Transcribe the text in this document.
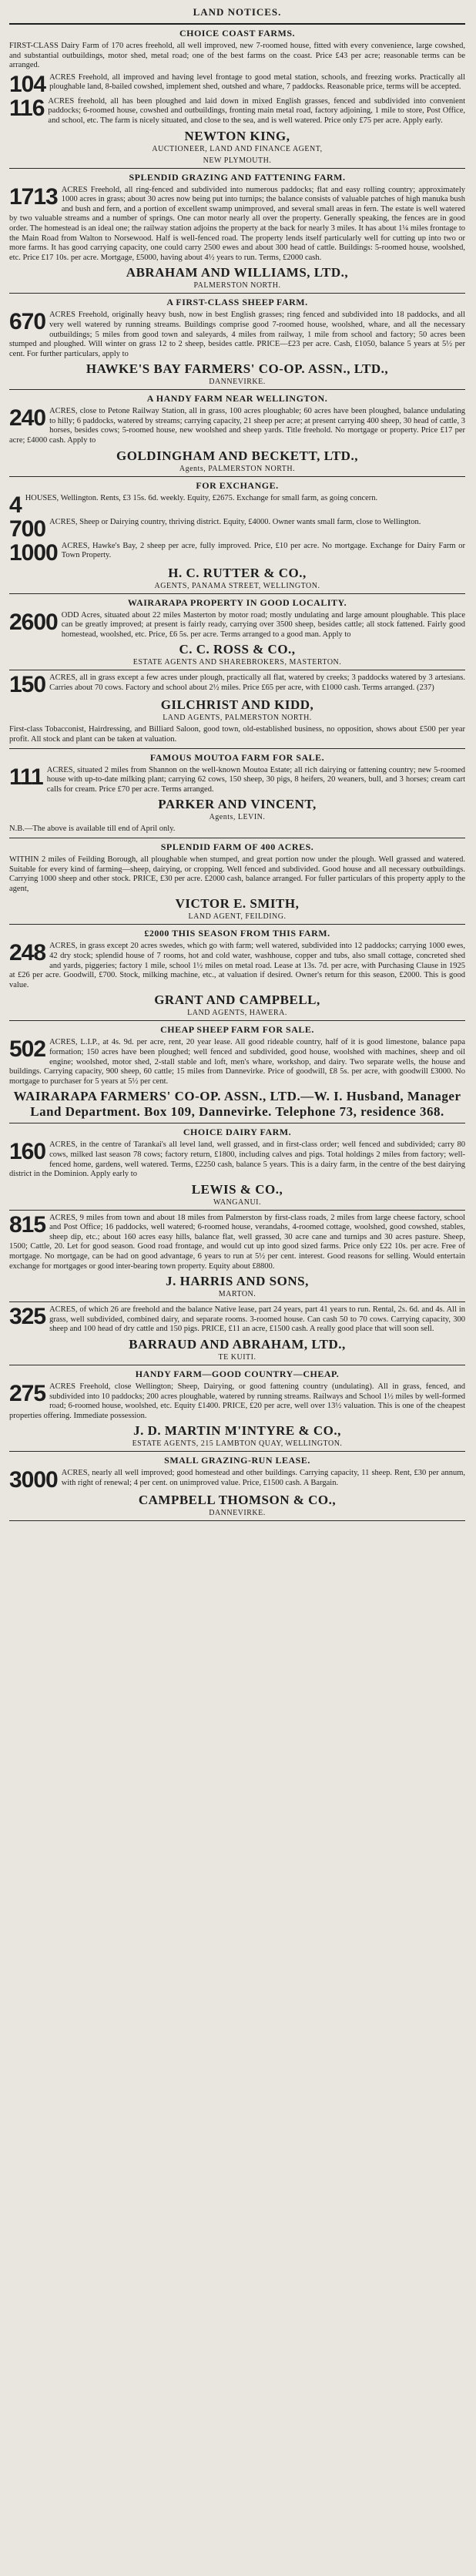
LAND NOTICES.
CHOICE COAST FARMS.
FIRST-CLASS Dairy Farm of 170 acres freehold, all well improved, new 7-roomed house, fitted with every convenience, large cowshed, and substantial outbuildings, motor shed, metal road; one of the best farms on the coast. Price £43 per acre; reasonable terms can be arranged.
104 ACRES Freehold, all improved and having level frontage to good metal station, schools, and freezing works. Practically all ploughable land, 8-bailed cowshed, implement shed, outshed and whare, 7 paddocks. Reasonable price, terms will be accepted.
116 ACRES freehold, all has been ploughed and laid down in mixed English grasses, fenced and subdivided into convenient paddocks; 6-roomed house, cowshed and outbuildings, fronting main metal road, factory adjoining, 1 mile to store, Post Office, and school, etc. The farm is nicely situated, and close to the sea, and is well watered. Price only £75 per acre. Apply early.
NEWTON KING,
AUCTIONEER, LAND AND FINANCE AGENT,
NEW PLYMOUTH.
SPLENDID GRAZING AND FATTENING FARM.
1713 ACRES Freehold, all ring-fenced and subdivided into numerous paddocks; flat and easy rolling country; approximately 1000 acres in grass; about 30 acres now being put into turnips; the balance consists of valuable patches of high manuka bush and bush and fern, and a portion of excellent swamp unimproved, and several small areas in fern. The estate is well watered by two valuable streams and a number of springs. One can motor nearly all over the property. Generally speaking, the fences are in good order. The homestead is an ideal one; the railway station adjoins the property at the back for nearly 3 miles. It has about 1¼ miles frontage to the Main Road from Walton to Norsewood. Half is well-fenced road. The property lends itself particularly well for cutting up into two or more farms. It has good carrying capacity, one could carry 2500 ewes and about 300 head of cattle. Buildings: 5-roomed house, woolshed, etc. Price £17 10s. per acre. Mortgage, £5000, having about 4½ years to run. Terms, £2000 cash.
ABRAHAM AND WILLIAMS, LTD.,
PALMERSTON NORTH.
A FIRST-CLASS SHEEP FARM.
670 ACRES Freehold, originally heavy bush, now in best English grasses; ring fenced and subdivided into 18 paddocks, and all very well watered by running streams. Buildings comprise good 7-roomed house, woolshed, whare, and all the necessary outbuildings; 5 miles from good town and saleyards, 4 miles from railway, 1 mile from school and factory; 50 acres been stumped and ploughed. Will winter on grass 12 to 2 sheep, besides cattle. PRICE—£23 per acre. Cash, £1050, balance 5 years at 5½ per cent. For further particulars, apply to
HAWKE'S BAY FARMERS' CO-OP. ASSN., LTD.,
DANNEVIRKE.
A HANDY FARM NEAR WELLINGTON.
240 ACRES, close to Petone Railway Station, all in grass, 100 acres ploughable; 60 acres have been ploughed, balance undulating to hilly; 6 paddocks, watered by streams; carrying capacity, 21 sheep per acre; at present carrying 400 sheep, 30 head of cattle, 3 horses, besides cows; 5-roomed house, new woolshed and sheep yards. Title freehold. No mortgage or property. Price £17 per acre; £4000 cash. Apply to
GOLDINGHAM AND BECKETT, LTD.,
Agents, PALMERSTON NORTH.
FOR EXCHANGE.
4 HOUSES, Wellington. Rents, £3 15s. 6d. weekly. Equity, £2675. Exchange for small farm, as going concern.
700 ACRES, Sheep or Dairying country, thriving district. Equity, £4000. Owner wants small farm, close to Wellington.
1000 ACRES, Hawke's Bay, 2 sheep per acre, fully improved. Price, £10 per acre. No mortgage. Exchange for Dairy Farm or Town Property.
H. C. RUTTER & CO.,
AGENTS, PANAMA STREET, WELLINGTON.
WAIRARAPA PROPERTY IN GOOD LOCALITY.
2600 ODD Acres, situated about 22 miles Masterton by motor road; mostly undulating and large amount ploughable. This place can be greatly improved; at present is fairly ready, carrying over 3500 sheep, besides cattle; all stock fattened. Fairly good homestead, woolshed, etc. Price, £6 5s. per acre. Terms arranged to a good man. Apply to
C. C. ROSS & CO.,
ESTATE AGENTS AND SHAREBROKERS, MASTERTON.
150 ACRES, all in grass except a few acres under plough, practically all flat, watered by creeks; 3 paddocks watered by 3 artesians. Carries about 70 cows. Factory and school about 2½ miles. Price £65 per acre, with £1000 cash. Terms arranged. (237)
GILCHRIST AND KIDD,
LAND AGENTS, PALMERSTON NORTH.
First-class Tobacconist, Hairdressing, and Billiard Saloon, good town, old-established business, no opposition, shows about £500 per year profit. All stock and plant can be taken at valuation.
FAMOUS MOUTOA FARM FOR SALE.
111 ACRES, situated 2 miles from Shannon on the well-known Moutoa Estate; all rich dairying or fattening country; new 5-roomed house with up-to-date milking plant; carrying 62 cows, 150 sheep, 30 pigs, 8 heifers, 20 weaners, bull, and 3 horses; cream cart calls for cream. Price £70 per acre. Terms arranged.
PARKER AND VINCENT,
Agents, LEVIN.
N.B.—The above is available till end of April only.
SPLENDID FARM OF 400 ACRES.
WITHIN 2 miles of Feilding Borough, all ploughable when stumped, and great portion now under the plough. Well grassed and watered. Suitable for every kind of farming—sheep, dairying, or cropping. Well fenced and subdivided. Good house and all necessary outbuildings. Carrying 1000 sheep and other stock. PRICE, £30 per acre. £2000 cash, balance arranged. For fuller particulars of this property apply to the agent,
VICTOR E. SMITH,
LAND AGENT, FEILDING.
£2000 THIS SEASON FROM THIS FARM.
248 ACRES, in grass except 20 acres swedes, which go with farm; well watered, subdivided into 12 paddocks; carrying 1000 ewes, 42 dry stock; splendid house of 7 rooms, hot and cold water, washhouse, copper and tubs, also small cottage, concreted shed and yards, piggeries; factory 1 mile, school 1½ miles on metal road. Lease at 13s. 7d. per acre, with Purchasing Clause in 1925 at £26 per acre. Goodwill, £700. Stock, milking machine, etc., at valuation if desired. Owner's return for this season, £2000. This is good value.
GRANT AND CAMPBELL,
LAND AGENTS, HAWERA.
CHEAP SHEEP FARM FOR SALE.
502 ACRES, L.I.P., at 4s. 9d. per acre, rent, 20 year lease. All good rideable country, half of it is good limestone, balance papa formation; 150 acres have been ploughed; well fenced and subdivided, good house, woolshed with machines, sheep and oil engine; woolshed, motor shed, 2-stall stable and loft, men's whare, workshop, and dairy. Two separate wells, the house and buildings. Carrying capacity, 900 sheep, 60 cattle; 15 miles from Dannevirke. Price of goodwill, £8 5s. per acre, with goodwill £3000. No mortgage to purchaser for 5 years at 5½ per cent.
WAIRARAPA FARMERS' CO-OP. ASSN., LTD.—W. I. Husband, Manager Land Department. Box 109, Dannevirke. Telephone 73, residence 368.
CHOICE DAIRY FARM.
160 ACRES, in the centre of Tarankai's all level land, well grassed, and in first-class order; well fenced and subdivided; carry 80 cows, milked last season 78 cows; factory return, £1800, including calves and pigs. Total holdings 2 miles from factory; well-fenced home, gardens, well watered. Terms, £2250 cash, balance 5 years. This is a dairy farm, in the centre of the best dairying district in the Dominion. Apply early to
LEWIS & CO.,
WANGANUI.
815 ACRES, 9 miles from town and about 18 miles from Palmerston by first-class roads, 2 miles from large cheese factory, school and Post Office; 16 paddocks, well watered; 6-roomed house, verandahs, 4-roomed cottage, woolshed, good cowshed, stables, sheep dip, etc.; about 160 acres easy hills, balance flat, well grassed, 30 acre cane and turnips and 30 acres pasture. Sheep, 1500; Cattle, 20. Let for good season. Good road frontage, and would cut up into good sized farms. Price only £22 10s. per acre. Free of mortgage. No mortgage, can be had on good advantage, 6 years to run at 5½ per cent. interest. Good reasons for selling. Would entertain exchange for mortgages or good inter-bearing town property. Equity about £8800.
J. HARRIS AND SONS,
MARTON.
325 ACRES, of which 26 are freehold and the balance Native lease, part 24 years, part 41 years to run. Rental, 2s. 6d. and 4s. All in grass, well subdivided, combined dairy, and separate rooms. 3-roomed house. Can cash 50 to 70 cows. Carrying capacity, 300 sheep and 100 head of dry cattle and 150 pigs. PRICE, £11 an acre, £1500 cash. A really good place that will soon sell.
BARRAUD AND ABRAHAM, LTD.,
TE KUITI.
HANDY FARM—GOOD COUNTRY—CHEAP.
275 ACRES Freehold, close Wellington; Sheep, Dairying, or good fattening country (undulating). All in grass, fenced, and subdivided into 10 paddocks; 200 acres ploughable, watered by running streams. Railways and School 1½ miles by well-formed road; 6-roomed house, woolshed, etc. Equity £1400. PRICE, £20 per acre, well over 13½ valuation. This is one of the cheapest properties offering. Immediate possession.
J. D. MARTIN M'INTYRE & CO.,
ESTATE AGENTS, 215 LAMBTON QUAY, WELLINGTON.
SMALL GRAZING-RUN LEASE.
3000 ACRES, nearly all well improved; good homestead and other buildings. Carrying capacity, 11 sheep. Rent, £30 per annum, with right of renewal; 4 per cent. on unimproved value. Price, £1500 cash. A Bargain.
CAMPBELL THOMSON & CO.,
DANNEVIRKE.
